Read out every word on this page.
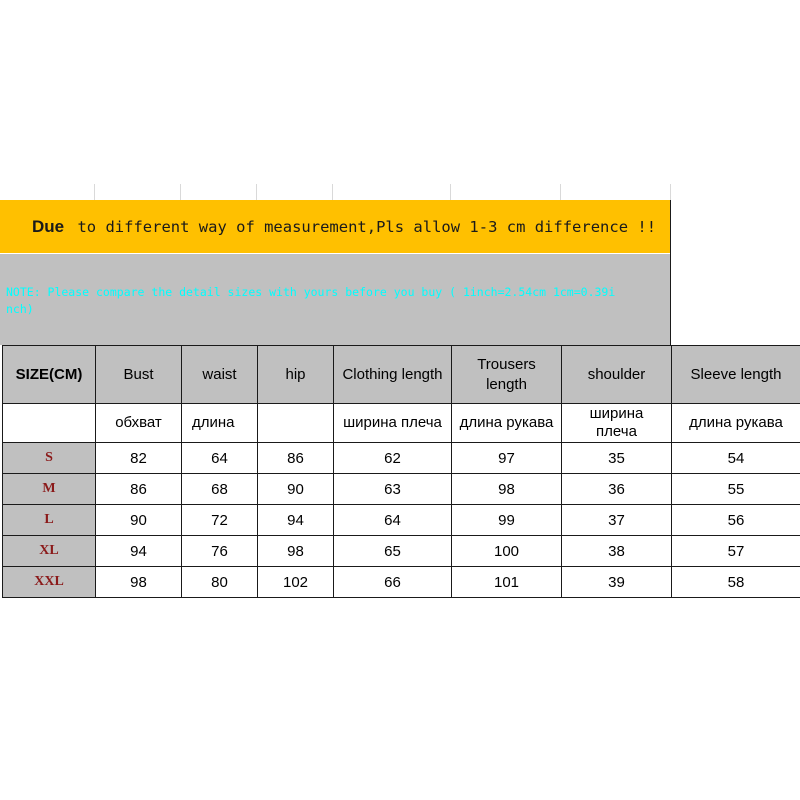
Due to different way of measurement,Pls allow 1-3 cm difference !!
NOTE: Please compare the detail sizes with yours before you buy ( 1inch=2.54cm 1cm=0.39inch)
SIZE(CM)	Bust	waist	hip	Clothing length	Trousers length	shoulder	Sleeve length
	обхват	длина		ширина плеча	длина рукава	ширина плеча	длина рукава
S	82	64	86	62	97	35	54
M	86	68	90	63	98	36	55
L	90	72	94	64	99	37	56
XL	94	76	98	65	100	38	57
XXL	98	80	102	66	101	39	58
